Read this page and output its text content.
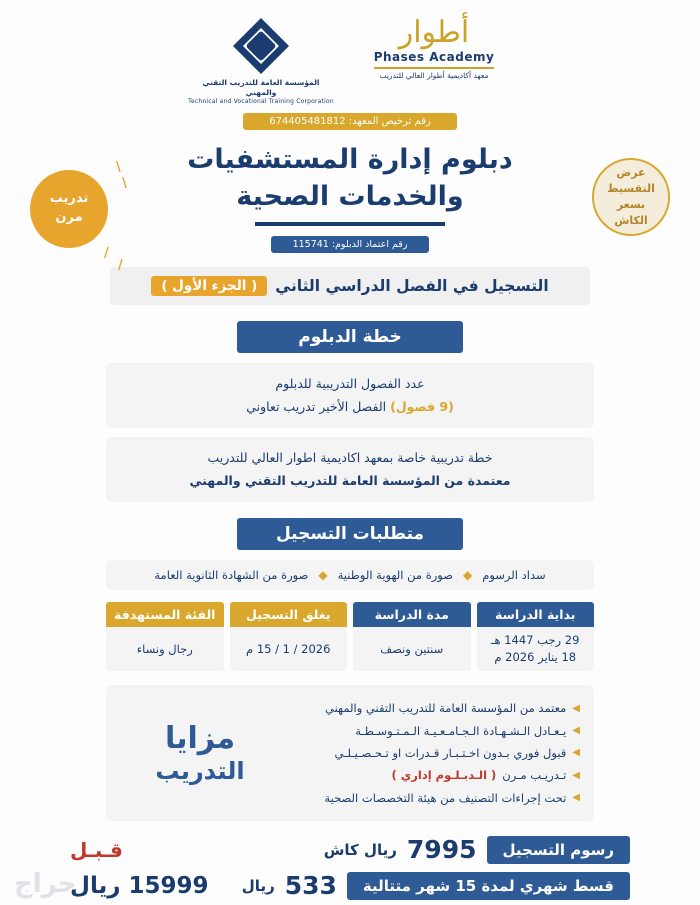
أطوار
Phases Academy
معهد أكاديمية أطوار العالي للتدريب
المؤسسة العامة للتدريب التقني والمهني
Technical and Vocational Training Corporation
رقم ترخيص المعهد: 674405481812
دبلوم إدارة المستشفيات
والخدمات الصحية
رقم اعتماد الدبلوم: 115741
عرض
التقسيط
بسعر
الكاش
تدريب
مرن
\
\
/
/
التسجيل في الفصل الدراسي الثاني
( الجزء الأول )
خطة الدبلوم
عدد الفصول التدريبية للدبلوم
(9 فصول) الفصل الأخير تدريب تعاوني
خطة تدريبية خاصة بمعهد اكاديمية اطوار العالي للتدريب
معتمدة من المؤسسة العامة للتدريب التقني والمهني
متطلبات التسجيل
سداد الرسوم
◆
صورة من الهوية الوطنية
◆
صورة من الشهادة الثانوية العامة
بداية الدراسة
29 رجب 1447 هـ
18 يناير 2026 م
مدة الدراسة
سنتين ونصف
يغلق التسجيل
2026 / 1 / 15 م
الفئة المستهدفة
رجال ونساء
◀
معتمد من المؤسسة العامة للتدريب التقني والمهني
◀
يـعـادل الـشـهـادة الـجـامـعـيـة الـمـتـوسـطـة
◀
قبول فوري بـدون اخـتـبـار قـدرات او تـحـصـيـلـي
◀
تـدريـب مـرن
( الـدبـلـوم إداري )
◀
تحت إجراءات التصنيف من هيئة التخصصات الصحية
مزايا
التدريب
رسوم التسجيل
7995
ريال كاش
قـبـل
قسط شهري لمدة 15 شهر متتالية
533
ريال
15999 ريال
حراج
